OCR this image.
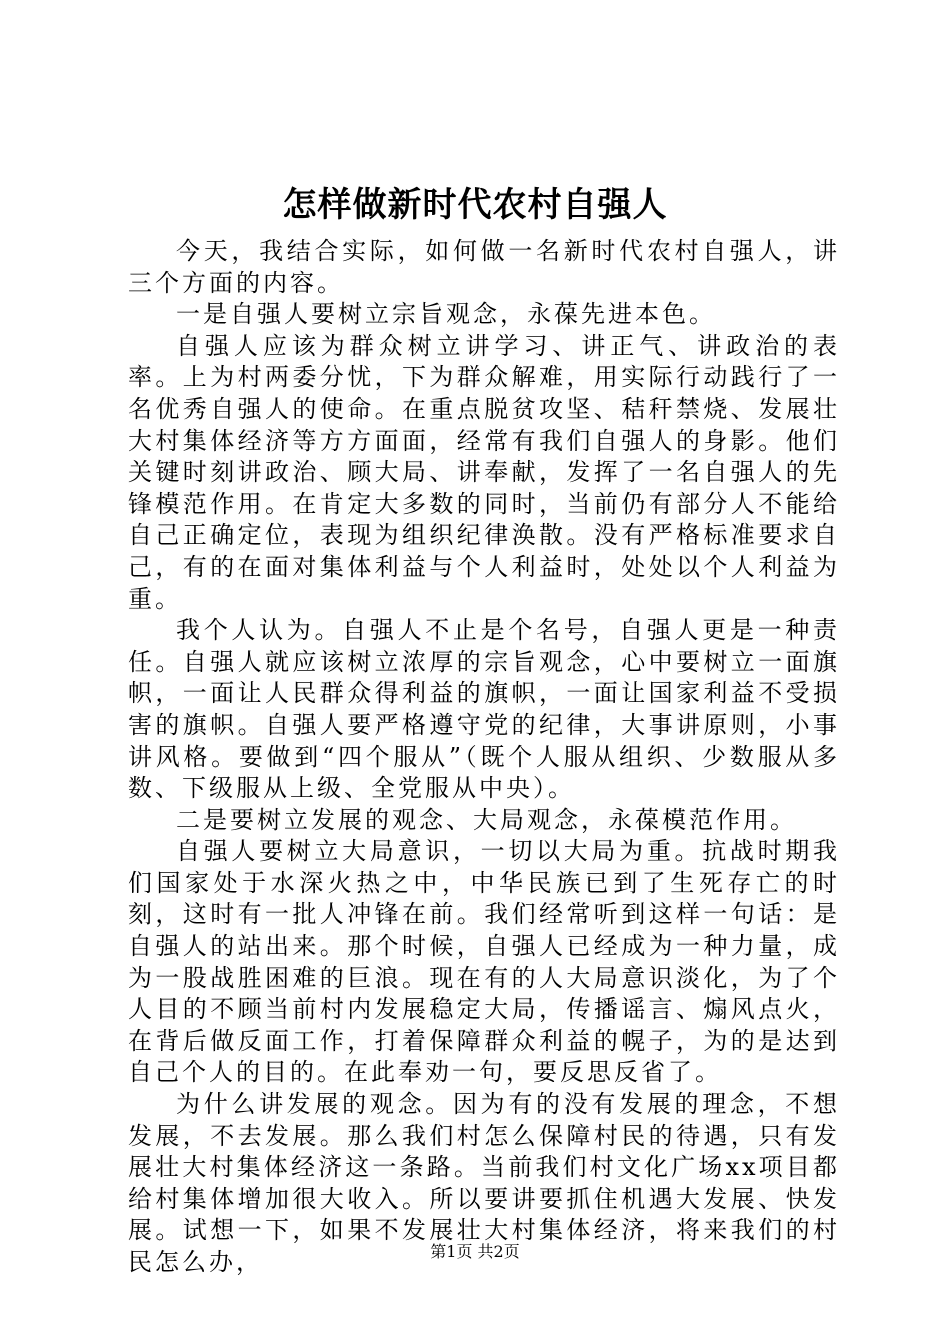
怎样做新时代农村自强人

今天，我结合实际，如何做一名新时代农村自强人，讲三个方面的内容。

一是自强人要树立宗旨观念，永葆先进本色。

自强人应该为群众树立讲学习、讲正气、讲政治的表率。上为村两委分忧，下为群众解难，用实际行动践行了一名优秀自强人的使命。在重点脱贫攻坚、秸秆禁烧、发展壮大村集体经济等方方面面，经常有我们自强人的身影。他们关键时刻讲政治、顾大局、讲奉献，发挥了一名自强人的先锋模范作用。在肯定大多数的同时，当前仍有部分人不能给自己正确定位，表现为组织纪律涣散。没有严格标准要求自己，有的在面对集体利益与个人利益时，处处以个人利益为重。

我个人认为。自强人不止是个名号，自强人更是一种责任。自强人就应该树立浓厚的宗旨观念，心中要树立一面旗帜，一面让人民群众得利益的旗帜，一面让国家利益不受损害的旗帜。自强人要严格遵守党的纪律，大事讲原则，小事讲风格。要做到“四个服从”（既个人服从组织、少数服从多数、下级服从上级、全党服从中央）。

二是要树立发展的观念、大局观念，永葆模范作用。

自强人要树立大局意识，一切以大局为重。抗战时期我们国家处于水深火热之中，中华民族已到了生死存亡的时刻，这时有一批人冲锋在前。我们经常听到这样一句话：是自强人的站出来。那个时候，自强人已经成为一种力量，成为一股战胜困难的巨浪。现在有的人大局意识淡化，为了个人目的不顾当前村内发展稳定大局，传播谣言、煽风点火，在背后做反面工作，打着保障群众利益的幌子，为的是达到自己个人的目的。在此奉劝一句，要反思反省了。

为什么讲发展的观念。因为有的没有发展的理念，不想发展，不去发展。那么我们村怎么保障村民的待遇，只有发展壮大村集体经济这一条路。当前我们村文化广场xx项目都给村集体增加很大收入。所以要讲要抓住机遇大发展、快发展。试想一下，如果不发展壮大村集体经济，将来我们的村民怎么办，	第1页 共2页
